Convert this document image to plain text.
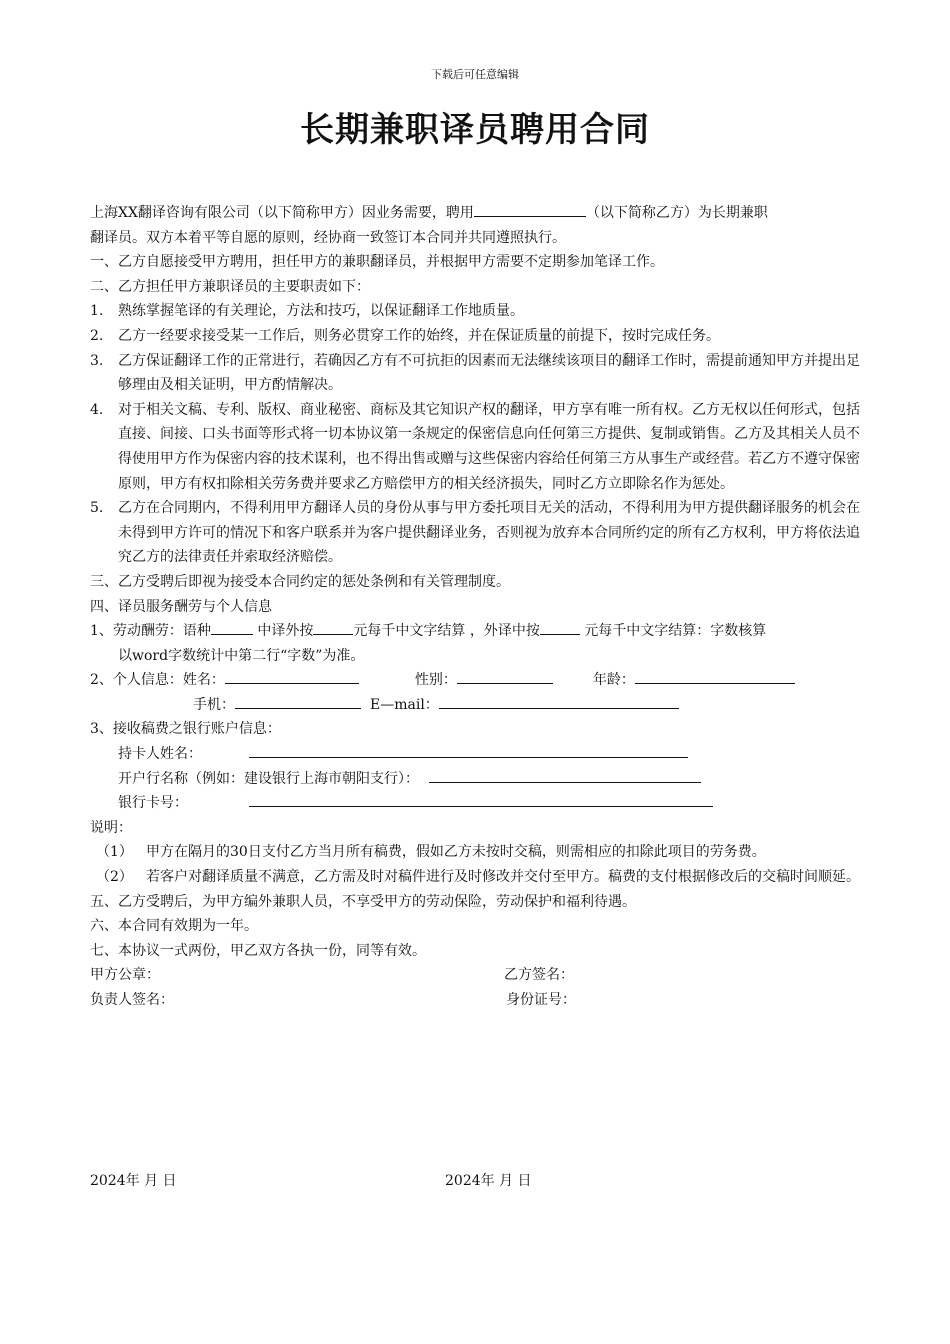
下载后可任意编辑
长期兼职译员聘用合同

上海XX翻译咨询有限公司（以下简称甲方）因业务需要，聘用	（以下简称乙方）为长期兼职
翻译员。双方本着平等自愿的原则，经协商一致签订本合同并共同遵照执行。

一、乙方自愿接受甲方聘用，担任甲方的兼职翻译员，并根据甲方需要不定期参加笔译工作。

二、乙方担任甲方兼职译员的主要职责如下：

1. 熟练掌握笔译的有关理论，方法和技巧，以保证翻译工作地质量。

2. 乙方一经要求接受某一工作后，则务必贯穿工作的始终，并在保证质量的前提下，按时完成任务。

3. 乙方保证翻译工作的正常进行，若确因乙方有不可抗拒的因素而无法继续该项目的翻译工作时，需提前通知甲方并提出足够理由及相关证明，甲方酌情解决。

4. 对于相关文稿、专利、版权、商业秘密、商标及其它知识产权的翻译，甲方享有唯一所有权。乙方无权以任何形式，包括直接、间接、口头书面等形式将一切本协议第一条规定的保密信息向任何第三方提供、复制或销售。乙方及其相关人员不得使用甲方作为保密内容的技术谋利，也不得出售或赠与这些保密内容给任何第三方从事生产或经营。若乙方不遵守保密原则，甲方有权扣除相关劳务费并要求乙方赔偿甲方的相关经济损失，同时乙方立即除名作为惩处。

5. 乙方在合同期内，不得利用甲方翻译人员的身份从事与甲方委托项目无关的活动，不得利用为甲方提供翻译服务的机会在未得到甲方许可的情况下和客户联系并为客户提供翻译业务，否则视为放弃本合同所约定的所有乙方权利，甲方将依法追究乙方的法律责任并索取经济赔偿。

三、乙方受聘后即视为接受本合同约定的惩处条例和有关管理制度。

四、译员服务酬劳与个人信息

1、劳动酬劳：语种	中译外按	元每千中文字结算 ，外译中按	元每千中文字结算：字数核算
以word字数统计中第二行“字数”为准。

2、个人信息：姓名：	性别：	年龄：

手机：	E—mail：

3、接收稿费之银行账户信息：

持卡人姓名：

开户行名称（例如：建设银行上海市朝阳支行）：

银行卡号：

说明：

（1） 甲方在隔月的30日支付乙方当月所有稿费，假如乙方未按时交稿，则需相应的扣除此项目的劳务费。

（2） 若客户对翻译质量不满意，乙方需及时对稿件进行及时修改并交付至甲方。稿费的支付根据修改后的交稿时间顺延。

五、乙方受聘后，为甲方编外兼职人员，不享受甲方的劳动保险，劳动保护和福利待遇。

六、本合同有效期为一年。

七、本协议一式两份，甲乙双方各执一份，同等有效。

甲方公章：	乙方签名：
负责人签名：	身份证号：
2024年 月 日	2024年 月 日
